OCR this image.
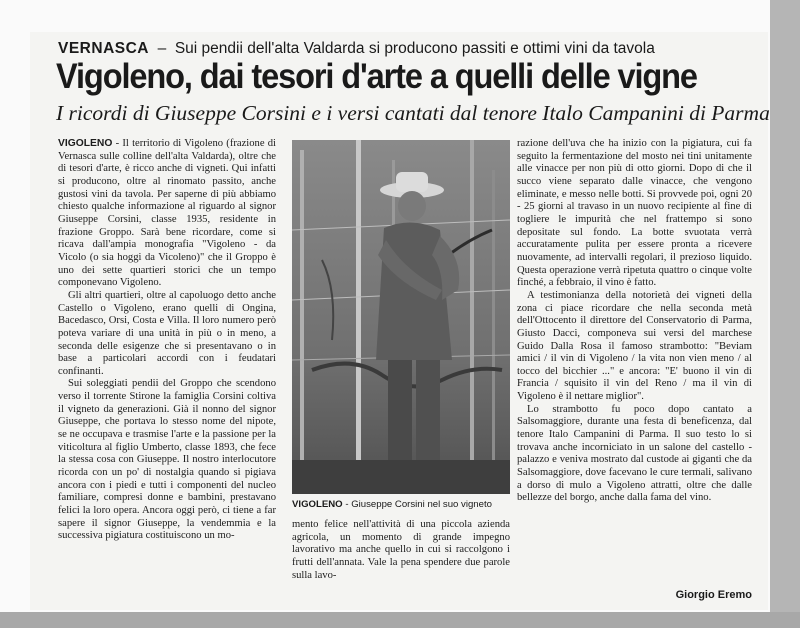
VERNASCA  –  Sui pendii dell'alta Valdarda si producono passiti e ottimi vini da tavola
Vigoleno, dai tesori d'arte a quelli delle vigne
I ricordi di Giuseppe Corsini e i versi cantati dal tenore Italo Campanini di Parma

VIGOLENO - Il territorio di Vigoleno (frazione di Vernasca sulle colline dell'alta Valdarda), oltre che di tesori d'arte, è ricco anche di vigneti. Qui infatti si producono, oltre al rinomato passito, anche gustosi vini da tavola. Per saperne di più abbiamo chiesto qualche informazione al riguardo al signor Giuseppe Corsini, classe 1935, residente in frazione Groppo. Sarà bene ricordare, come si ricava dall'ampia monografia "Vigoleno - da Vicolo (o sia hoggi da Vicoleno)" che il Groppo è uno dei sette quartieri storici che un tempo componevano Vigoleno.

Gli altri quartieri, oltre al capoluogo detto anche Castello o Vigoleno, erano quelli di Ongina, Bacedasco, Orsi, Costa e Villa. Il loro numero però poteva variare di una unità in più o in meno, a seconda delle esigenze che si presentavano o in base a particolari accordi con i feudatari confinanti.

Sui soleggiati pendii del Groppo che scendono verso il torrente Stirone la famiglia Corsini coltiva il vigneto da generazioni. Già il nonno del signor Giuseppe, che portava lo stesso nome del nipote, se ne occupava e trasmise l'arte e la passione per la viticoltura al figlio Umberto, classe 1893, che fece la stessa cosa con Giuseppe. Il nostro interlocutore ricorda con un po' di nostalgia quando si pigiava ancora con i piedi e tutti i componenti del nucleo familiare, compresi donne e bambini, prestavano felici la loro opera. Ancora oggi però, ci tiene a far sapere il signor Giuseppe, la vendemmia e la successiva pigiatura costituiscono un mo-

VIGOLENO - Giuseppe Corsini nel suo vigneto

mento felice nell'attività di una piccola azienda agricola, un momento di grande impegno lavorativo ma anche quello in cui si raccolgono i frutti dell'annata. Vale la pena spendere due parole sulla lavo-

razione dell'uva che ha inizio con la pigiatura, cui fa seguito la fermentazione del mosto nei tini unitamente alle vinacce per non più di otto giorni. Dopo di che il succo viene separato dalle vinacce, che vengono eliminate, e messo nelle botti. Si provvede poi, ogni 20 - 25 giorni al travaso in un nuovo recipiente al fine di togliere le impurità che nel frattempo si sono depositate sul fondo. La botte svuotata verrà accuratamente pulita per essere pronta a ricevere nuovamente, ad intervalli regolari, il prezioso liquido. Questa operazione verrà ripetuta quattro o cinque volte finché, a febbraio, il vino è fatto.

A testimonianza della notorietà dei vigneti della zona ci piace ricordare che nella seconda metà dell'Ottocento il direttore del Conservatorio di Parma, Giusto Dacci, componeva sui versi del marchese Guido Dalla Rosa il famoso strambotto: "Beviam amici / il vin di Vigoleno / la vita non vien meno / al tocco del bicchier ..." e ancora: "E' buono il vin di Francia / squisito il vin del Reno / ma il vin di Vigoleno è il nettare miglior".

Lo strambotto fu poco dopo cantato a Salsomaggiore, durante una festa di beneficenza, dal tenore Italo Campanini di Parma. Il suo testo lo si trovava anche incorniciato in un salone del castello - palazzo e veniva mostrato dal custode ai giganti che da Salsomaggiore, dove facevano le cure termali, salivano a dorso di mulo a Vigoleno attratti, oltre che dalle bellezze del borgo, anche dalla fama del vino.

Giorgio Eremo
